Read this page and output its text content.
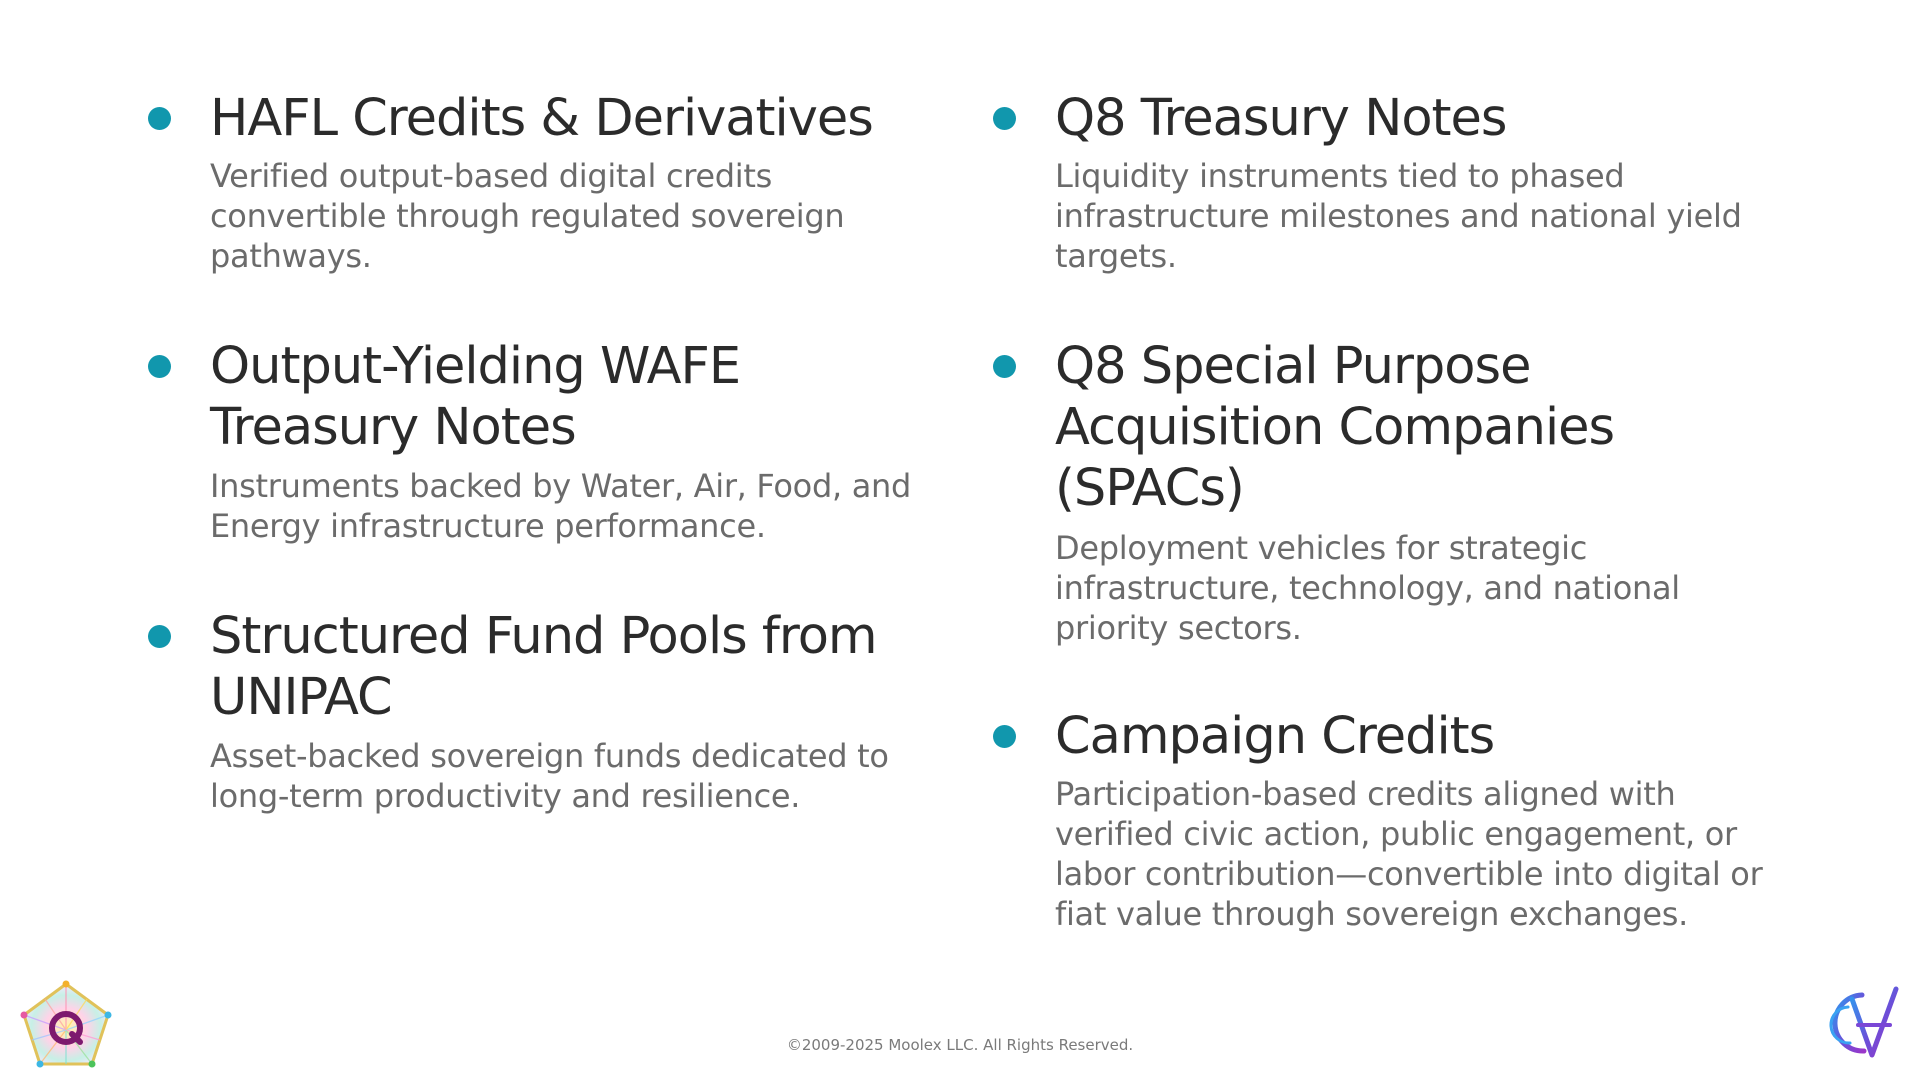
HAFL Credits & Derivatives

Verified output-based digital credits
convertible through regulated sovereign
pathways.

Output-Yielding WAFE
Treasury Notes

Instruments backed by Water, Air, Food, and
Energy infrastructure performance.

Structured Fund Pools from
UNIPAC

Asset-backed sovereign funds dedicated to
long-term productivity and resilience.

Q8 Treasury Notes

Liquidity instruments tied to phased
infrastructure milestones and national yield
targets.

Q8 Special Purpose
Acquisition Companies
(SPACs)

Deployment vehicles for strategic
infrastructure, technology, and national
priority sectors.

Campaign Credits

Participation-based credits aligned with
verified civic action, public engagement, or
labor contribution—convertible into digital or
fiat value through sovereign exchanges.

©2009-2025 Moolex LLC. All Rights Reserved.
